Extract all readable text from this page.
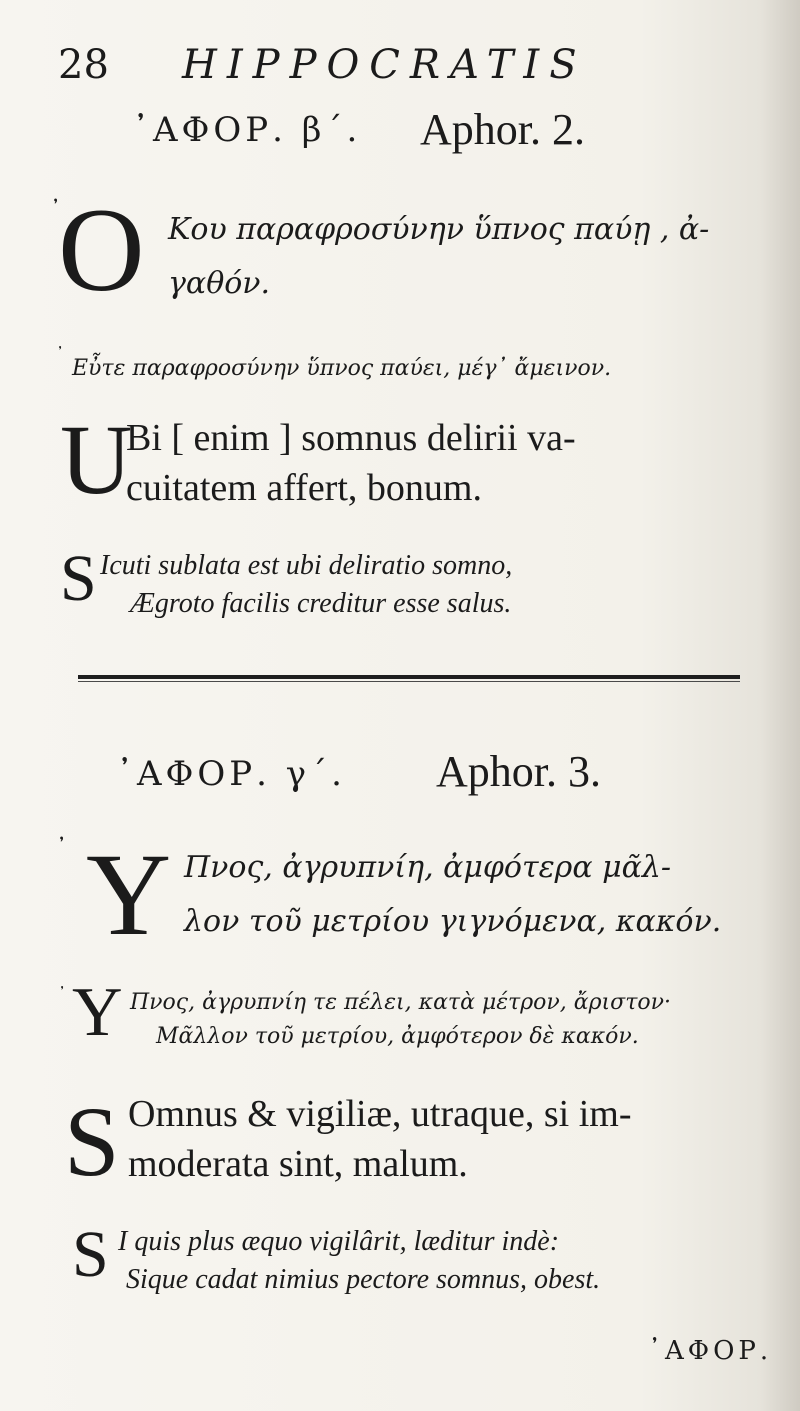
28 HIPPOCRATIS
᾽ΑΦΟΡ. β΄. Aphor. 2.
᾿
Ο Κου παραφροσύνην ὕπνος παύῃ , ἀ-
γαθόν.
᾽
Εὖτε παραφροσύνην ὕπνος παύει, μέγ᾽ ἄμεινον.
U
Bi [ enim ] somnus delirii va-
cuitatem affert, bonum.
S Icuti sublata est ubi deliratio somno,
Ægroto facilis creditur esse salus.
᾽ΑΦΟΡ. γ΄. Aphor. 3.
᾿ Υ Πνος, ἀγρυπνίη, ἀμφότερα μᾶλ-
λον τοῦ μετρίου γιγνόμενα, κακόν.
᾿ Υ Πνος, ἀγρυπνίη τε πέλει, κατὰ μέτρον, ἄριστον·
Μᾶλλον τοῦ μετρίου, ἀμφότερον δὲ κακόν.
S Omnus & vigiliæ, utraque, si im-
moderata sint, malum.
S I quis plus æquo vigilârit, læditur indè:
Sique cadat nimius pectore somnus, obest.
᾽ΑΦΟΡ.
